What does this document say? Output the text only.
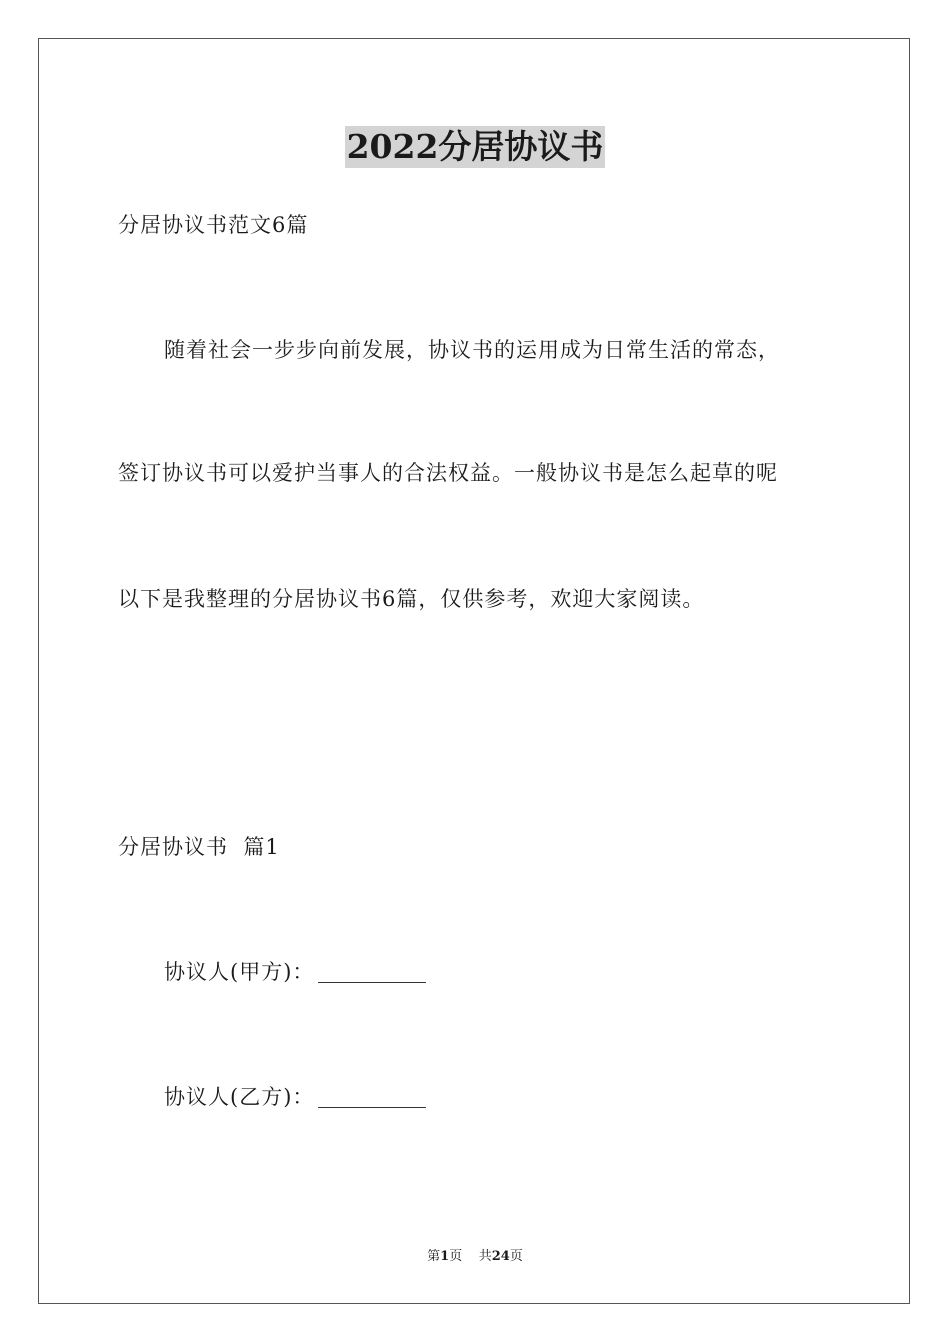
2022分居协议书
分居协议书范文6篇
随着社会一步步向前发展，协议书的运用成为日常生活的常态，
签订协议书可以爱护当事人的合法权益。一般协议书是怎么起草的呢
以下是我整理的分居协议书6篇，仅供参考，欢迎大家阅读。
分居协议书  篇1
协议人(甲方)：
协议人(乙方)：
第1页 共24页
